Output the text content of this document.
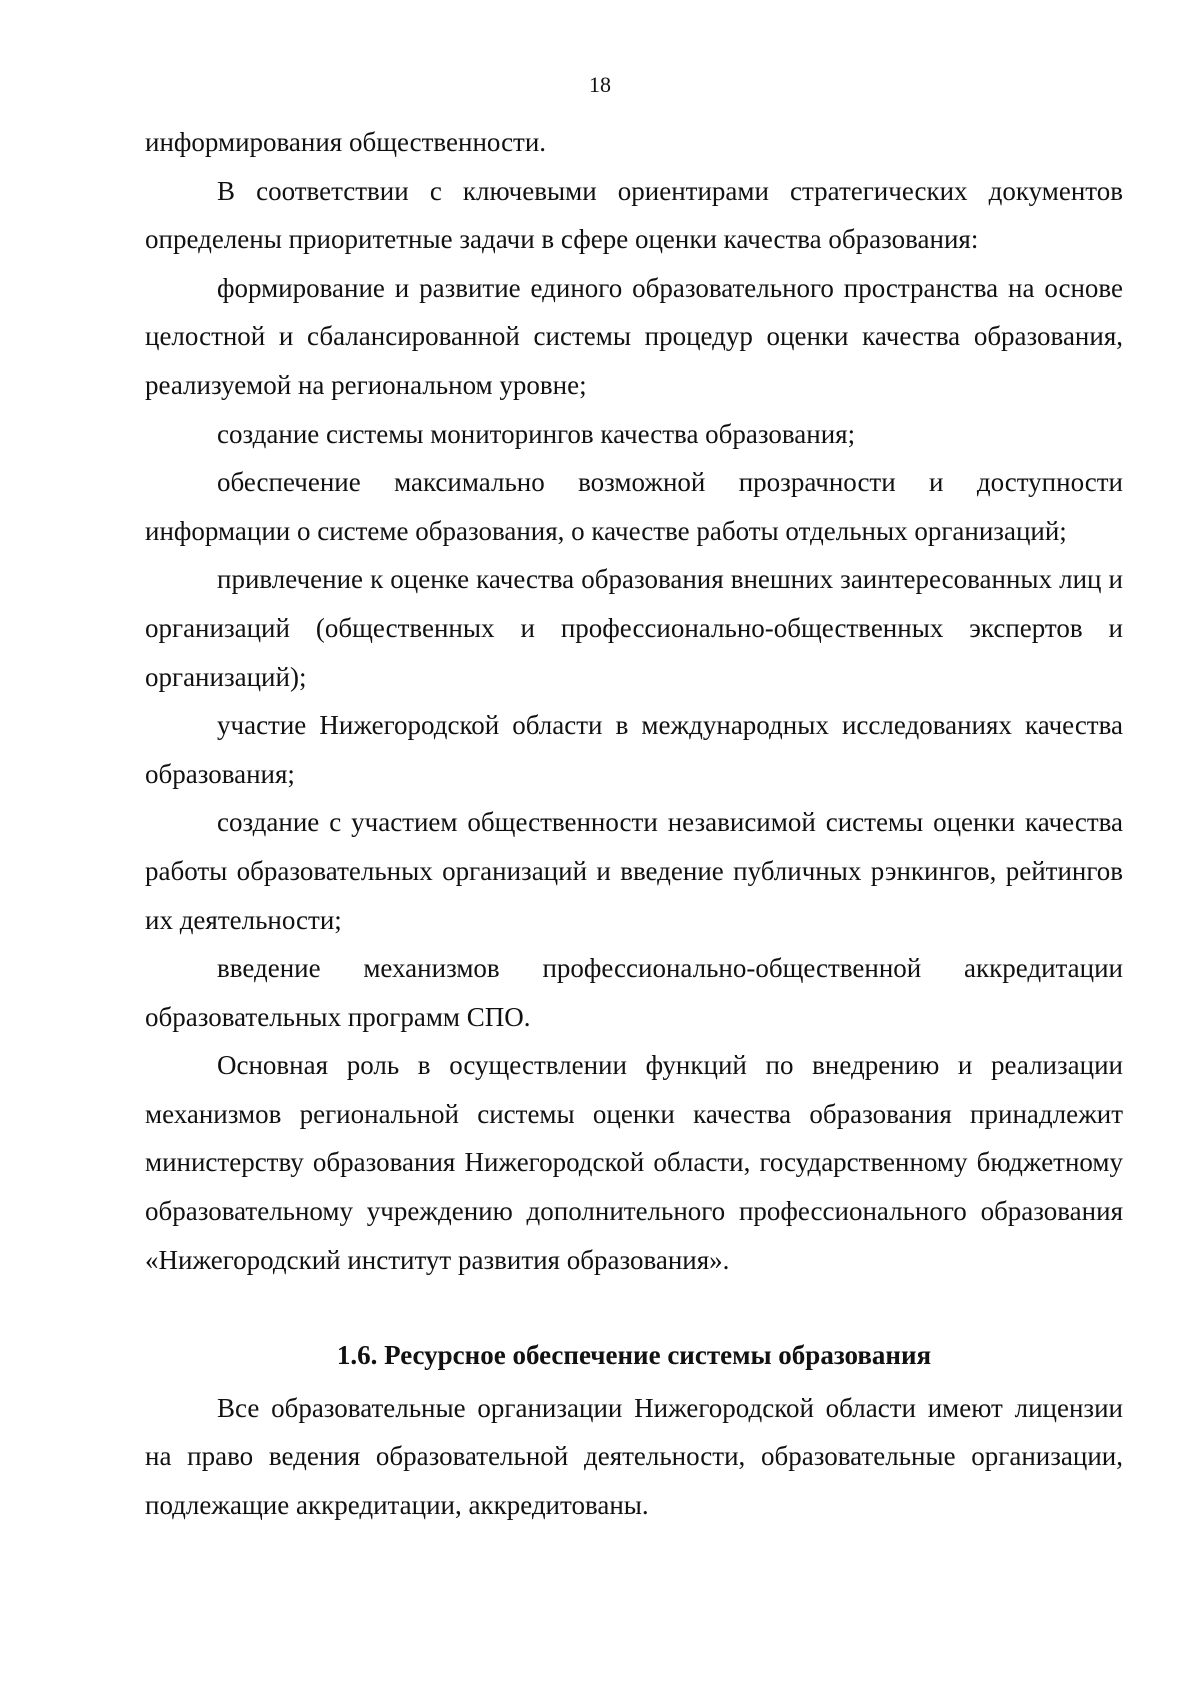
18

информирования общественности.

В соответствии с ключевыми ориентирами стратегических документов определены приоритетные задачи в сфере оценки качества образования:

формирование и развитие единого образовательного пространства на основе целостной и сбалансированной системы процедур оценки качества образования, реализуемой на региональном уровне;

создание системы мониторингов качества образования;

обеспечение максимально возможной прозрачности и доступности информации о системе образования, о качестве работы отдельных организаций;

привлечение к оценке качества образования внешних заинтересованных лиц и организаций (общественных и профессионально-общественных экспертов и организаций);

участие Нижегородской области в международных исследованиях качества образования;

создание с участием общественности независимой системы оценки качества работы образовательных организаций и введение публичных рэнкингов, рейтингов их деятельности;

введение механизмов профессионально-общественной аккредитации образовательных программ СПО.

Основная роль в осуществлении функций по внедрению и реализации механизмов региональной системы оценки качества образования принадлежит министерству образования Нижегородской области, государственному бюджетному образовательному учреждению дополнительного профессионального образования «Нижегородский институт развития образования».

1.6. Ресурсное обеспечение системы образования

Все образовательные организации Нижегородской области имеют лицензии на право ведения образовательной деятельности, образовательные организации, подлежащие аккредитации, аккредитованы.
